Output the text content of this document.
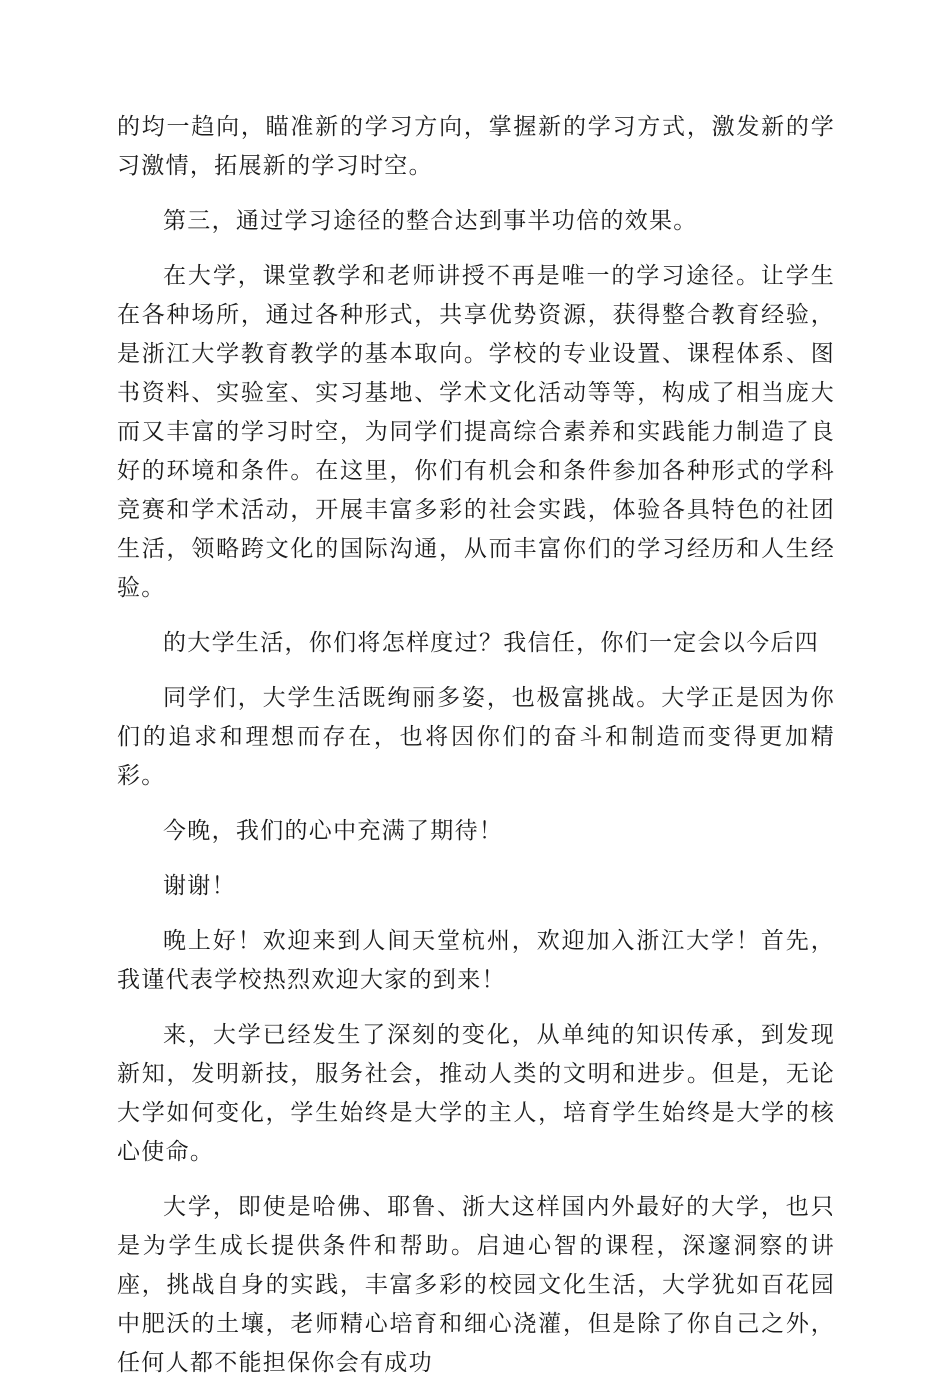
的均一趋向，瞄准新的学习方向，掌握新的学习方式，激发新的学习激情，拓展新的学习时空。

第三，通过学习途径的整合达到事半功倍的效果。

在大学，课堂教学和老师讲授不再是唯一的学习途径。让学生在各种场所，通过各种形式，共享优势资源，获得整合教育经验，是浙江大学教育教学的基本取向。学校的专业设置、课程体系、图书资料、实验室、实习基地、学术文化活动等等，构成了相当庞大而又丰富的学习时空，为同学们提高综合素养和实践能力制造了良好的环境和条件。在这里，你们有机会和条件参加各种形式的学科竞赛和学术活动，开展丰富多彩的社会实践，体验各具特色的社团生活，领略跨文化的国际沟通，从而丰富你们的学习经历和人生经验。

的大学生活，你们将怎样度过？我信任，你们一定会以今后四

同学们，大学生活既绚丽多姿，也极富挑战。大学正是因为你们的追求和理想而存在，也将因你们的奋斗和制造而变得更加精彩。

今晚，我们的心中充满了期待！

谢谢！

晚上好！欢迎来到人间天堂杭州，欢迎加入浙江大学！首先，我谨代表学校热烈欢迎大家的到来！

来，大学已经发生了深刻的变化，从单纯的知识传承，到发现新知，发明新技，服务社会，推动人类的文明和进步。但是，无论大学如何变化，学生始终是大学的主人，培育学生始终是大学的核心使命。

大学，即使是哈佛、耶鲁、浙大这样国内外最好的大学，也只是为学生成长提供条件和帮助。启迪心智的课程，深邃洞察的讲座，挑战自身的实践，丰富多彩的校园文化生活，大学犹如百花园中肥沃的土壤，老师精心培育和细心浇灌，但是除了你自己之外，任何人都不能担保你会有成功
